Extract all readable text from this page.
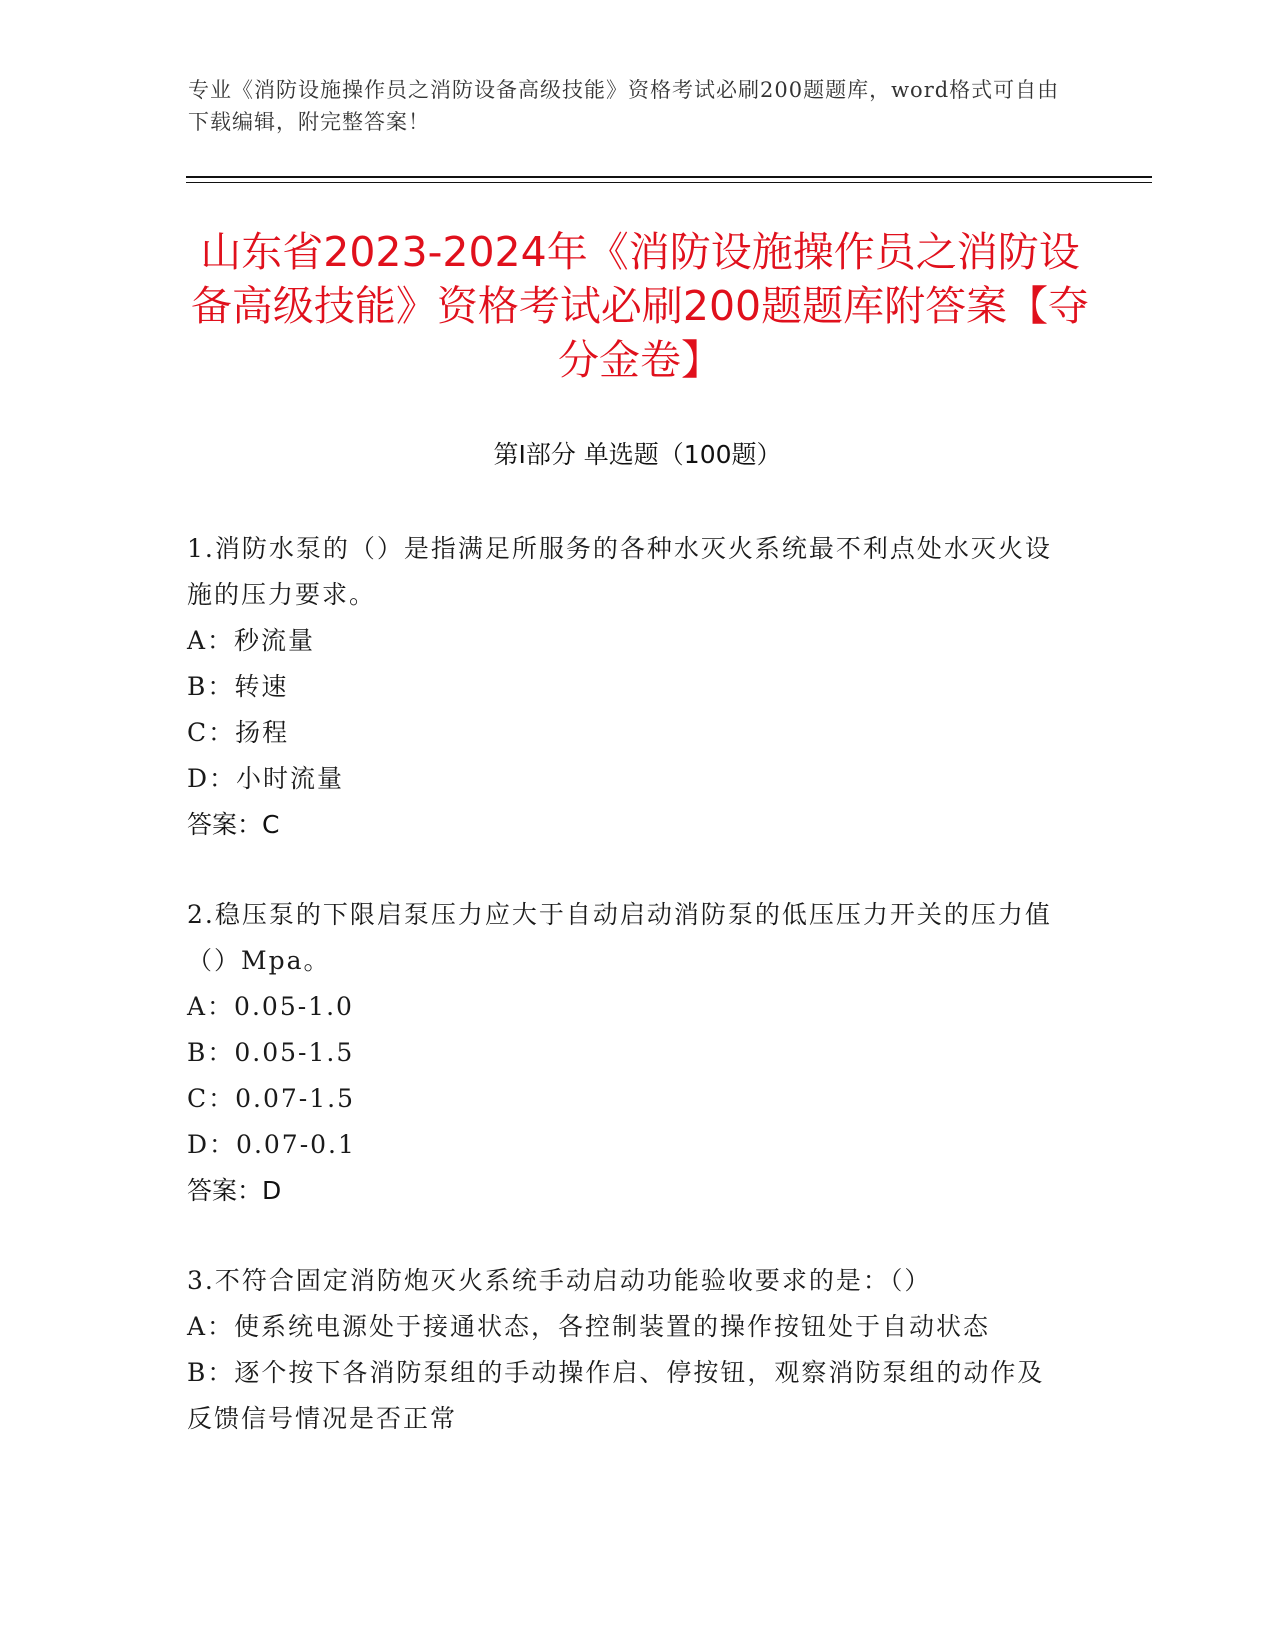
专业《消防设施操作员之消防设备高级技能》资格考试必刷200题题库，word格式可自由下载编辑，附完整答案！
山东省2023-2024年《消防设施操作员之消防设备高级技能》资格考试必刷200题题库附答案【夺分金卷】
第Ⅰ部分 单选题（100题）
1.消防水泵的（）是指满足所服务的各种水灭火系统最不利点处水灭火设施的压力要求。
A：秒流量
B：转速
C：扬程
D：小时流量
答案：C
2.稳压泵的下限启泵压力应大于自动启动消防泵的低压压力开关的压力值（）Mpa。
A：0.05-1.0
B：0.05-1.5
C：0.07-1.5
D：0.07-0.1
答案：D
3.不符合固定消防炮灭火系统手动启动功能验收要求的是：（）
A：使系统电源处于接通状态，各控制装置的操作按钮处于自动状态
B：逐个按下各消防泵组的手动操作启、停按钮，观察消防泵组的动作及反馈信号情况是否正常
